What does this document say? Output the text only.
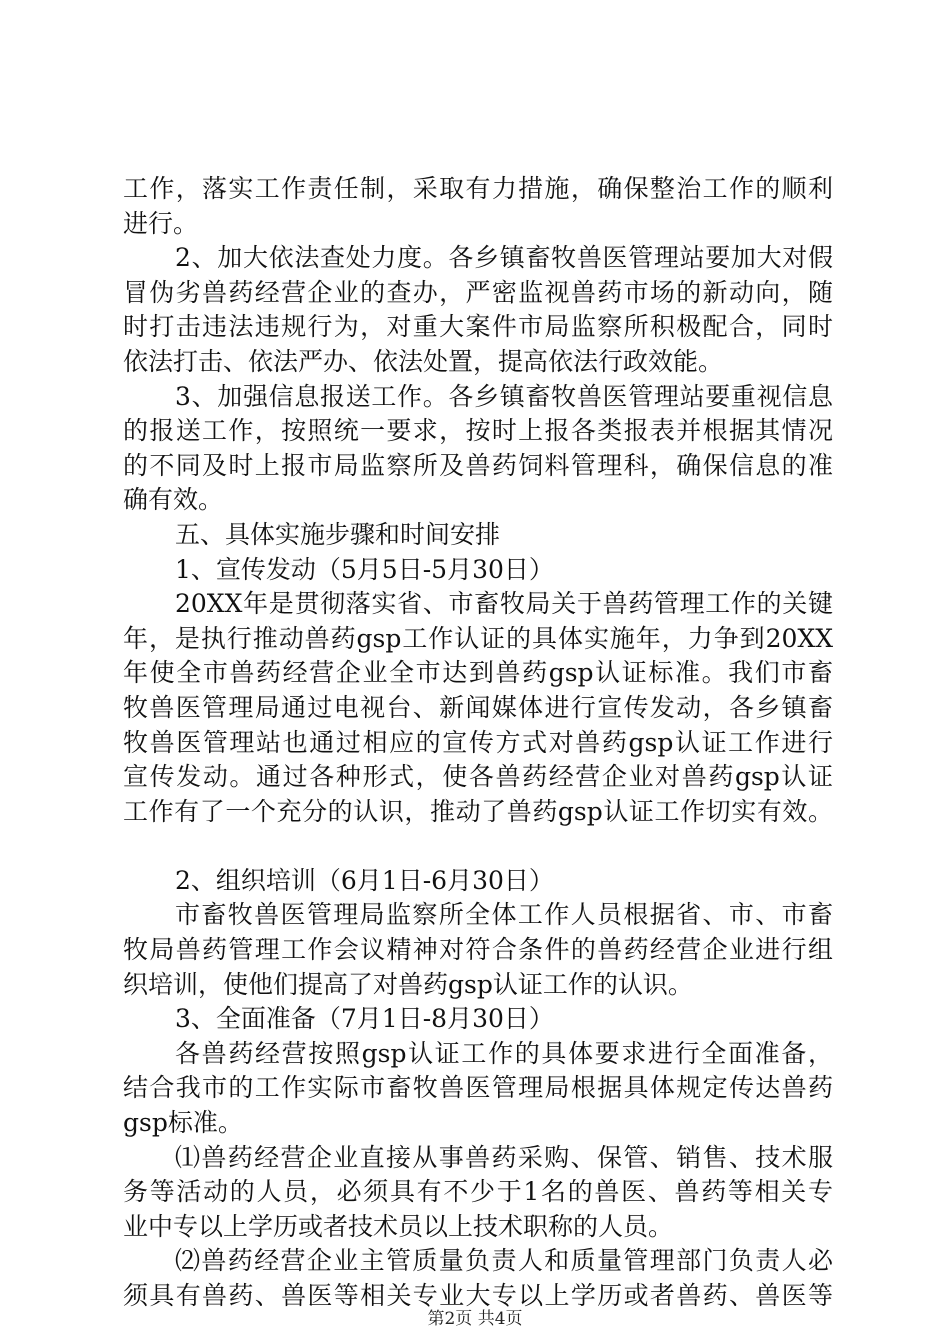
工作，落实工作责任制，采取有力措施，确保整治工作的顺利
进行。
2、加大依法查处力度。各乡镇畜牧兽医管理站要加大对假
冒伪劣兽药经营企业的查办，严密监视兽药市场的新动向，随
时打击违法违规行为，对重大案件市局监察所积极配合，同时
依法打击、依法严办、依法处置，提高依法行政效能。
3、加强信息报送工作。各乡镇畜牧兽医管理站要重视信息
的报送工作，按照统一要求，按时上报各类报表并根据其情况
的不同及时上报市局监察所及兽药饲料管理科，确保信息的准
确有效。
五、具体实施步骤和时间安排
1、宣传发动（5月5日-5月30日）
20XX年是贯彻落实省、市畜牧局关于兽药管理工作的关键
年，是执行推动兽药gsp工作认证的具体实施年，力争到20XX
年使全市兽药经营企业全市达到兽药gsp认证标准。我们市畜
牧兽医管理局通过电视台、新闻媒体进行宣传发动，各乡镇畜
牧兽医管理站也通过相应的宣传方式对兽药gsp认证工作进行
宣传发动。通过各种形式，使各兽药经营企业对兽药gsp认证
工作有了一个充分的认识，推动了兽药gsp认证工作切实有效。
2、组织培训（6月1日-6月30日）
市畜牧兽医管理局监察所全体工作人员根据省、市、市畜
牧局兽药管理工作会议精神对符合条件的兽药经营企业进行组
织培训，使他们提高了对兽药gsp认证工作的认识。
3、全面准备（7月1日-8月30日）
各兽药经营按照gsp认证工作的具体要求进行全面准备，
结合我市的工作实际市畜牧兽医管理局根据具体规定传达兽药
gsp标准。
⑴兽药经营企业直接从事兽药采购、保管、销售、技术服
务等活动的人员，必须具有不少于1名的兽医、兽药等相关专
业中专以上学历或者技术员以上技术职称的人员。
⑵兽药经营企业主管质量负责人和质量管理部门负责人必
须具有兽药、兽医等相关专业大专以上学历或者兽药、兽医等
第2页 共4页
